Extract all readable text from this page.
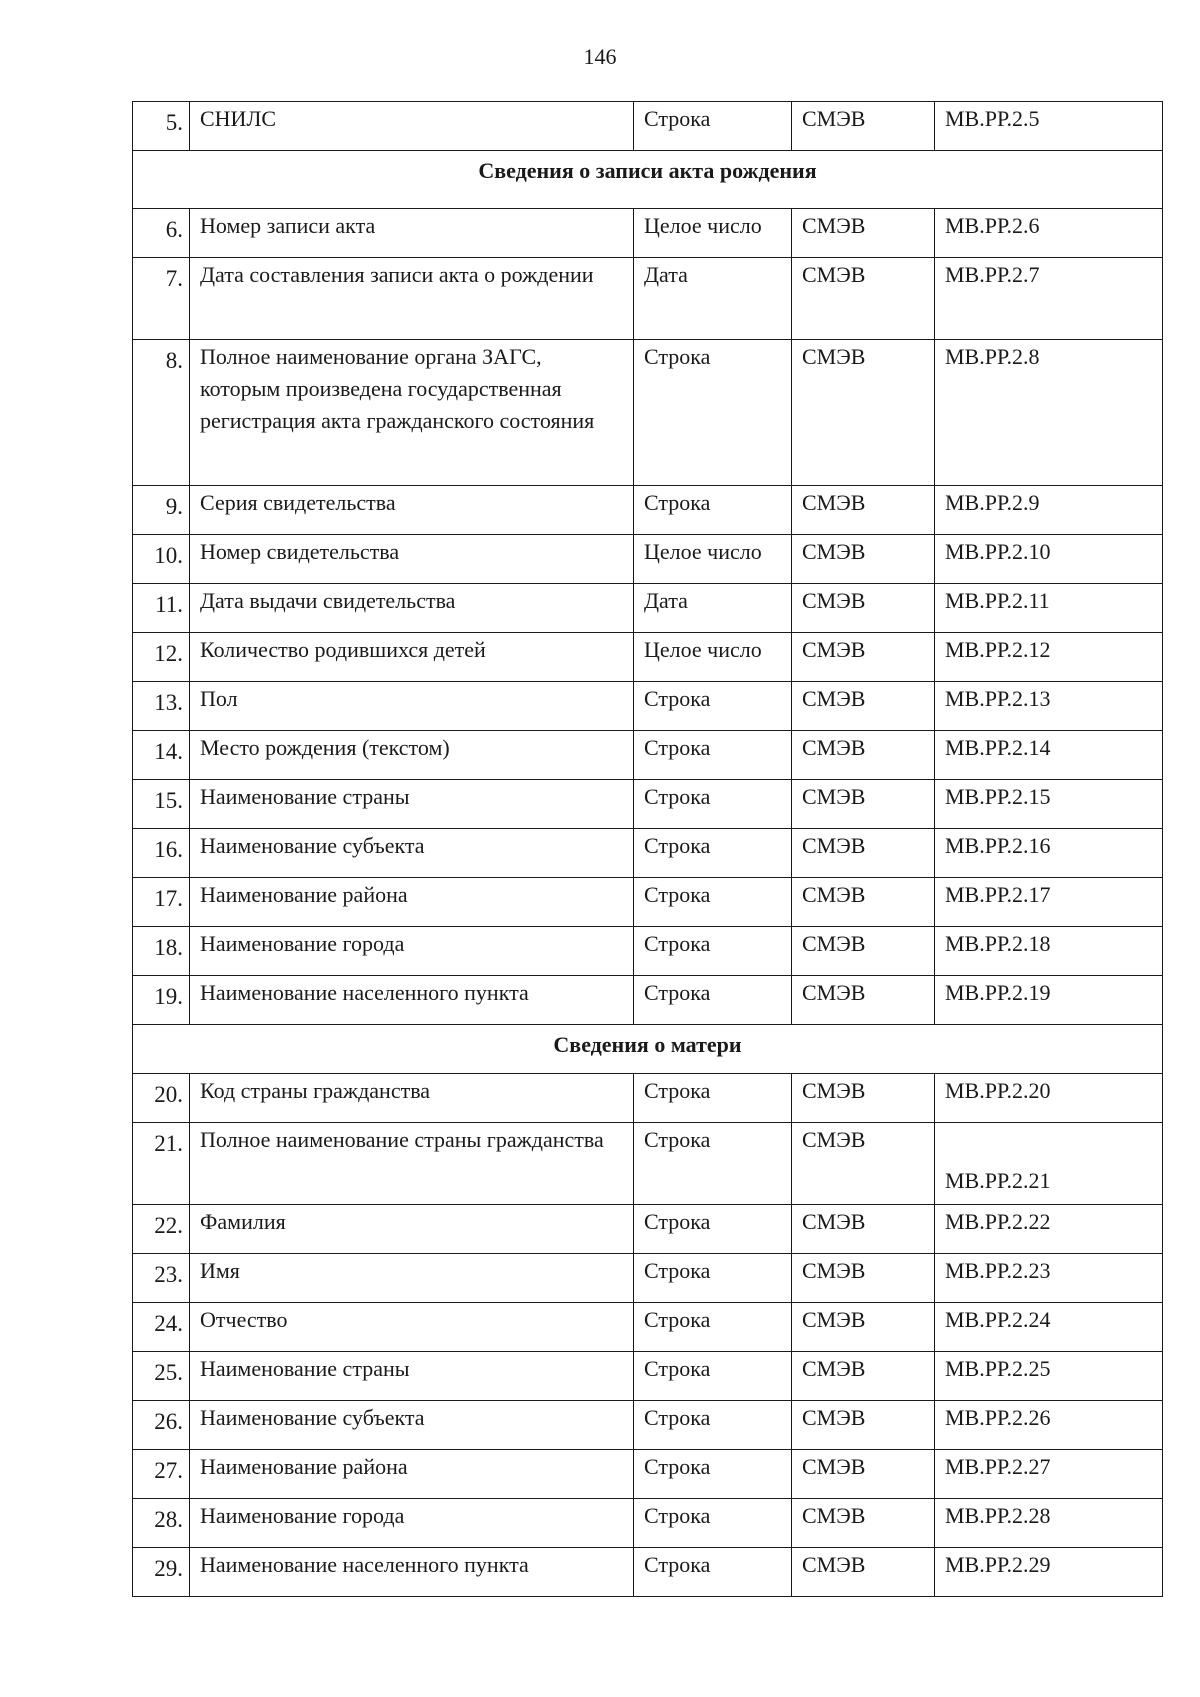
146
5.	СНИЛС	Строка	СМЭВ	МВ.РР.2.5
Сведения о записи акта рождения				
6.	Номер записи акта	Целое число	СМЭВ	МВ.РР.2.6
7.	Дата составления записи акта о рождении	Дата	СМЭВ	МВ.РР.2.7
8.	Полное наименование органа ЗАГС, которым произведена государственная регистрация акта гражданского состояния	Строка	СМЭВ	МВ.РР.2.8
9.	Серия свидетельства	Строка	СМЭВ	МВ.РР.2.9
10.	Номер свидетельства	Целое число	СМЭВ	МВ.РР.2.10
11.	Дата выдачи свидетельства	Дата	СМЭВ	МВ.РР.2.11
12.	Количество родившихся детей	Целое число	СМЭВ	МВ.РР.2.12
13.	Пол	Строка	СМЭВ	МВ.РР.2.13
14.	Место рождения (текстом)	Строка	СМЭВ	МВ.РР.2.14
15.	Наименование страны	Строка	СМЭВ	МВ.РР.2.15
16.	Наименование субъекта	Строка	СМЭВ	МВ.РР.2.16
17.	Наименование района	Строка	СМЭВ	МВ.РР.2.17
18.	Наименование города	Строка	СМЭВ	МВ.РР.2.18
19.	Наименование населенного пункта	Строка	СМЭВ	МВ.РР.2.19
Сведения о матери				
20.	Код страны гражданства	Строка	СМЭВ	МВ.РР.2.20
21.	Полное наименование страны гражданства	Строка	СМЭВ	МВ.РР.2.21
22.	Фамилия	Строка	СМЭВ	МВ.РР.2.22
23.	Имя	Строка	СМЭВ	МВ.РР.2.23
24.	Отчество	Строка	СМЭВ	МВ.РР.2.24
25.	Наименование страны	Строка	СМЭВ	МВ.РР.2.25
26.	Наименование субъекта	Строка	СМЭВ	МВ.РР.2.26
27.	Наименование района	Строка	СМЭВ	МВ.РР.2.27
28.	Наименование города	Строка	СМЭВ	МВ.РР.2.28
29.	Наименование населенного пункта	Строка	СМЭВ	МВ.РР.2.29
